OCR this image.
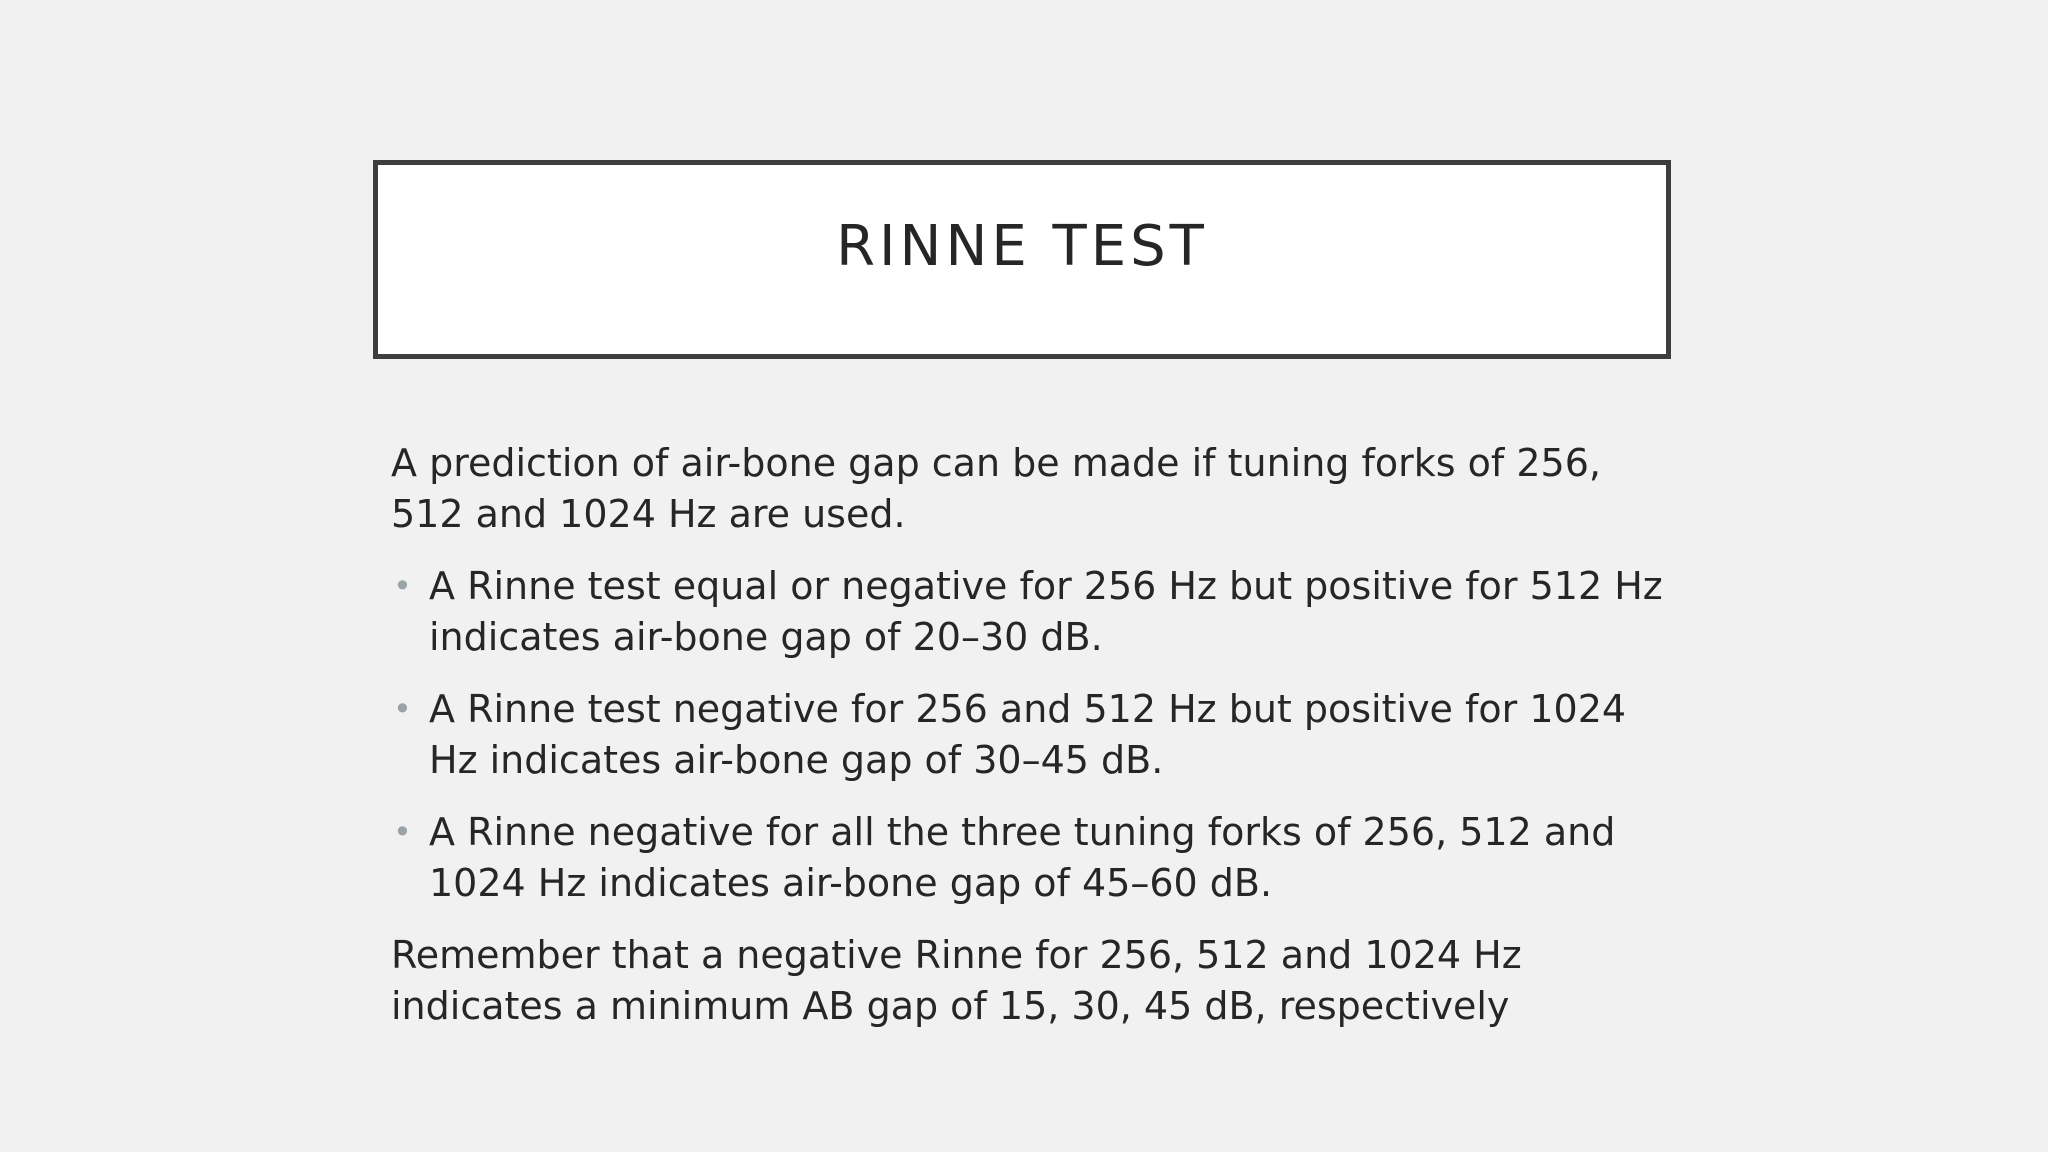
RINNE TEST

A prediction of air-bone gap can be made if tuning forks of 256, 512 and 1024 Hz are used.

• A Rinne test equal or negative for 256 Hz but positive for 512 Hz indicates air-bone gap of 20–30 dB.
• A Rinne test negative for 256 and 512 Hz but positive for 1024 Hz indicates air-bone gap of 30–45 dB.
• A Rinne negative for all the three tuning forks of 256, 512 and 1024 Hz indicates air-bone gap of 45–60 dB.

Remember that a negative Rinne for 256, 512 and 1024 Hz indicates a minimum AB gap of 15, 30, 45 dB, respectively
